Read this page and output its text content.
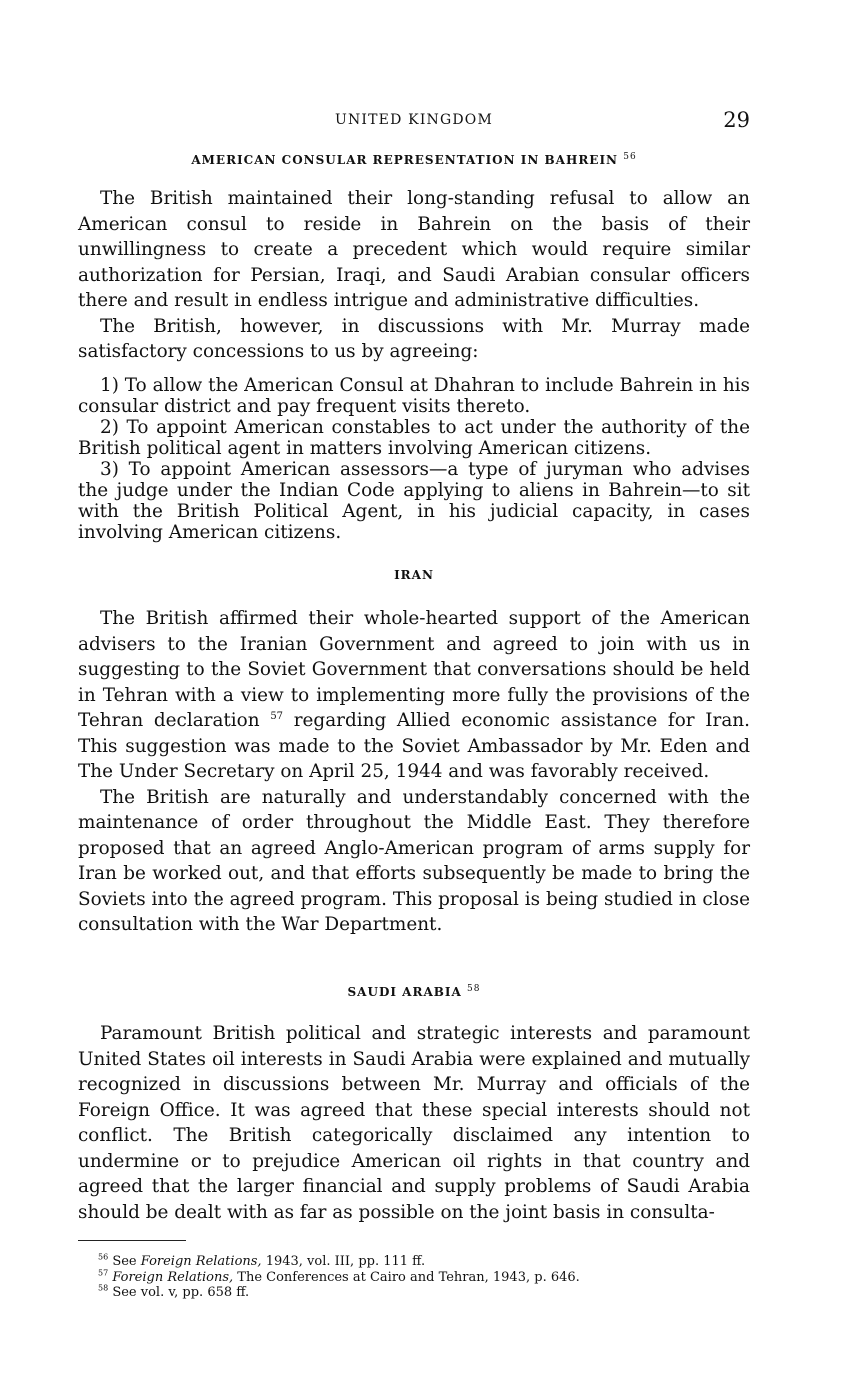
UNITED KINGDOM	29
AMERICAN CONSULAR REPRESENTATION IN BAHREIN $^{56}$

The British maintained their long-standing refusal to allow an American consul to reside in Bahrein on the basis of their unwillingness to create a precedent which would require similar authorization for Persian, Iraqi, and Saudi Arabian consular officers there and result in endless intrigue and administrative difficulties.

The British, however, in discussions with Mr. Murray made satisfactory concessions to us by agreeing:

1) To allow the American Consul at Dhahran to include Bahrein in his consular district and pay frequent visits thereto.

2) To appoint American constables to act under the authority of the British political agent in matters involving American citizens.

3) To appoint American assessors—a type of juryman who advises the judge under the Indian Code applying to aliens in Bahrein—to sit with the British Political Agent, in his judicial capacity, in cases involving American citizens.

IRAN

The British affirmed their whole-hearted support of the American advisers to the Iranian Government and agreed to join with us in suggesting to the Soviet Government that conversations should be held in Tehran with a view to implementing more fully the provisions of the Tehran declaration $^{57}$ regarding Allied economic assistance for Iran. This suggestion was made to the Soviet Ambassador by Mr. Eden and The Under Secretary on April 25, 1944 and was favorably received.

The British are naturally and understandably concerned with the maintenance of order throughout the Middle East. They therefore proposed that an agreed Anglo-American program of arms supply for Iran be worked out, and that efforts subsequently be made to bring the Soviets into the agreed program. This proposal is being studied in close consultation with the War Department.

SAUDI ARABIA $^{58}$

Paramount British political and strategic interests and paramount United States oil interests in Saudi Arabia were explained and mutually recognized in discussions between Mr. Murray and officials of the Foreign Office. It was agreed that these special interests should not conflict. The British categorically disclaimed any intention to undermine or to prejudice American oil rights in that country and agreed that the larger financial and supply problems of Saudi Arabia should be dealt with as far as possible on the joint basis in consulta-

$^{56}$ See Foreign Relations, 1943, vol. III, pp. 111 ff.

$^{57}$ Foreign Relations, The Conferences at Cairo and Tehran, 1943, p. 646.

$^{58}$ See vol. v, pp. 658 ff.
